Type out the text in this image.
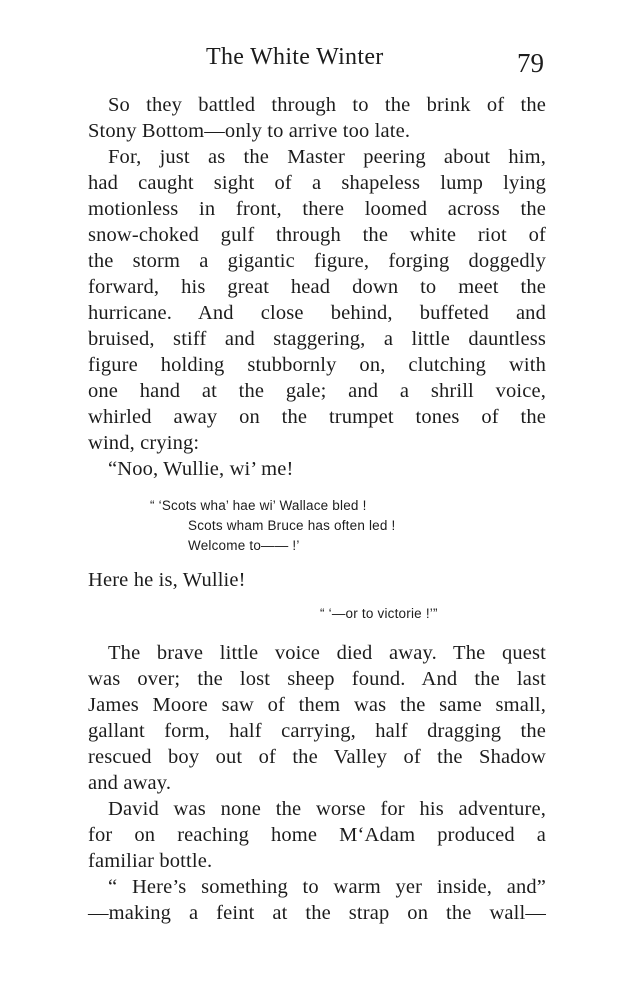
The White Winter	79
So they battled through to the brink of the
Stony Bottom—only to arrive too late.
For, just as the Master peering about him,
had caught sight of a shapeless lump lying
motionless in front, there loomed across the
snow-choked gulf through the white riot of
the storm a gigantic figure, forging doggedly
forward, his great head down to meet the
hurricane. And close behind, buffeted and
bruised, stiff and staggering, a little dauntless
figure holding stubbornly on, clutching with
one hand at the gale; and a shrill voice,
whirled away on the trumpet tones of the
wind, crying:
“Noo, Wullie, wi’ me!
“ ‘Scots wha’ hae wi’ Wallace bled !
Scots wham Bruce has often led !
Welcome to—— !’
Here he is, Wullie!
“ ‘—or to victorie !’”
The brave little voice died away. The quest
was over; the lost sheep found. And the last
James Moore saw of them was the same small,
gallant form, half carrying, half dragging the
rescued boy out of the Valley of the Shadow
and away.
David was none the worse for his adventure,
for on reaching home M‘Adam produced a
familiar bottle.
“ Here’s something to warm yer inside, and”
—making a feint at the strap on the wall—
